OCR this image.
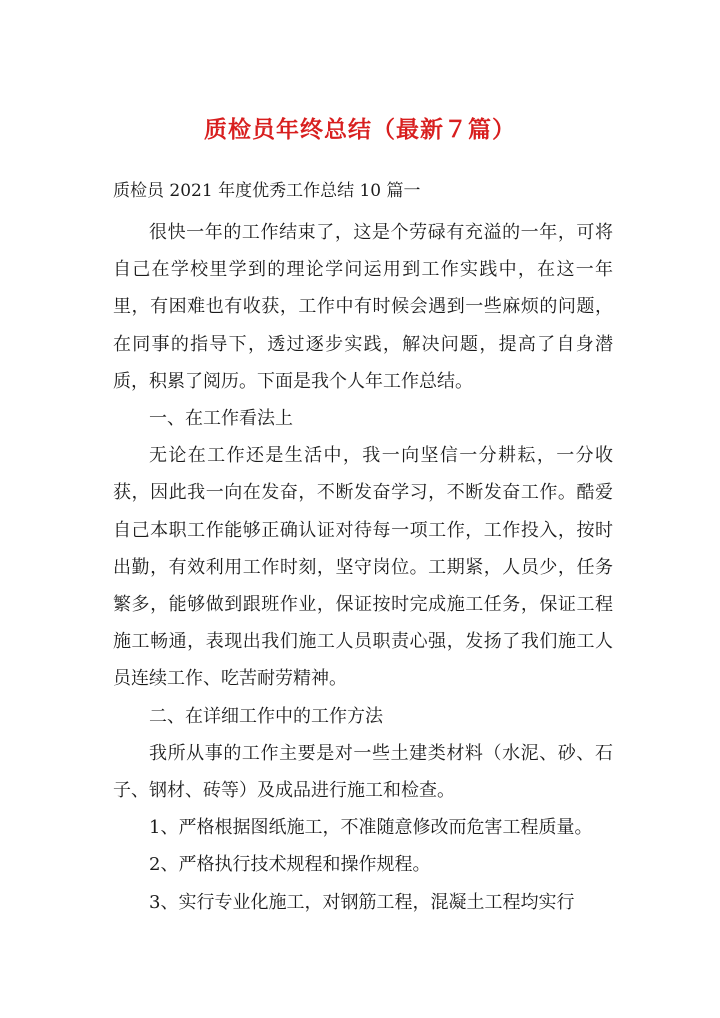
质检员年终总结（最新７篇）
质检员 2021 年度优秀工作总结 10 篇一

很快一年的工作结束了，这是个劳碌有充溢的一年，可将自己在学校里学到的理论学问运用到工作实践中，在这一年里，有困难也有收获，工作中有时候会遇到一些麻烦的问题，在同事的指导下，透过逐步实践，解决问题，提高了自身潜质，积累了阅历。下面是我个人年工作总结。

一、在工作看法上

无论在工作还是生活中，我一向坚信一分耕耘，一分收获，因此我一向在发奋，不断发奋学习，不断发奋工作。酷爱自己本职工作能够正确认证对待每一项工作，工作投入，按时出勤，有效利用工作时刻，坚守岗位。工期紧，人员少，任务繁多，能够做到跟班作业，保证按时完成施工任务，保证工程施工畅通，表现出我们施工人员职责心强，发扬了我们施工人员连续工作、吃苦耐劳精神。

二、在详细工作中的工作方法

我所从事的工作主要是对一些土建类材料（水泥、砂、石子、钢材、砖等）及成品进行施工和检查。

1、严格根据图纸施工，不准随意修改而危害工程质量。

2、严格执行技术规程和操作规程。

3、实行专业化施工，对钢筋工程，混凝土工程均实行
